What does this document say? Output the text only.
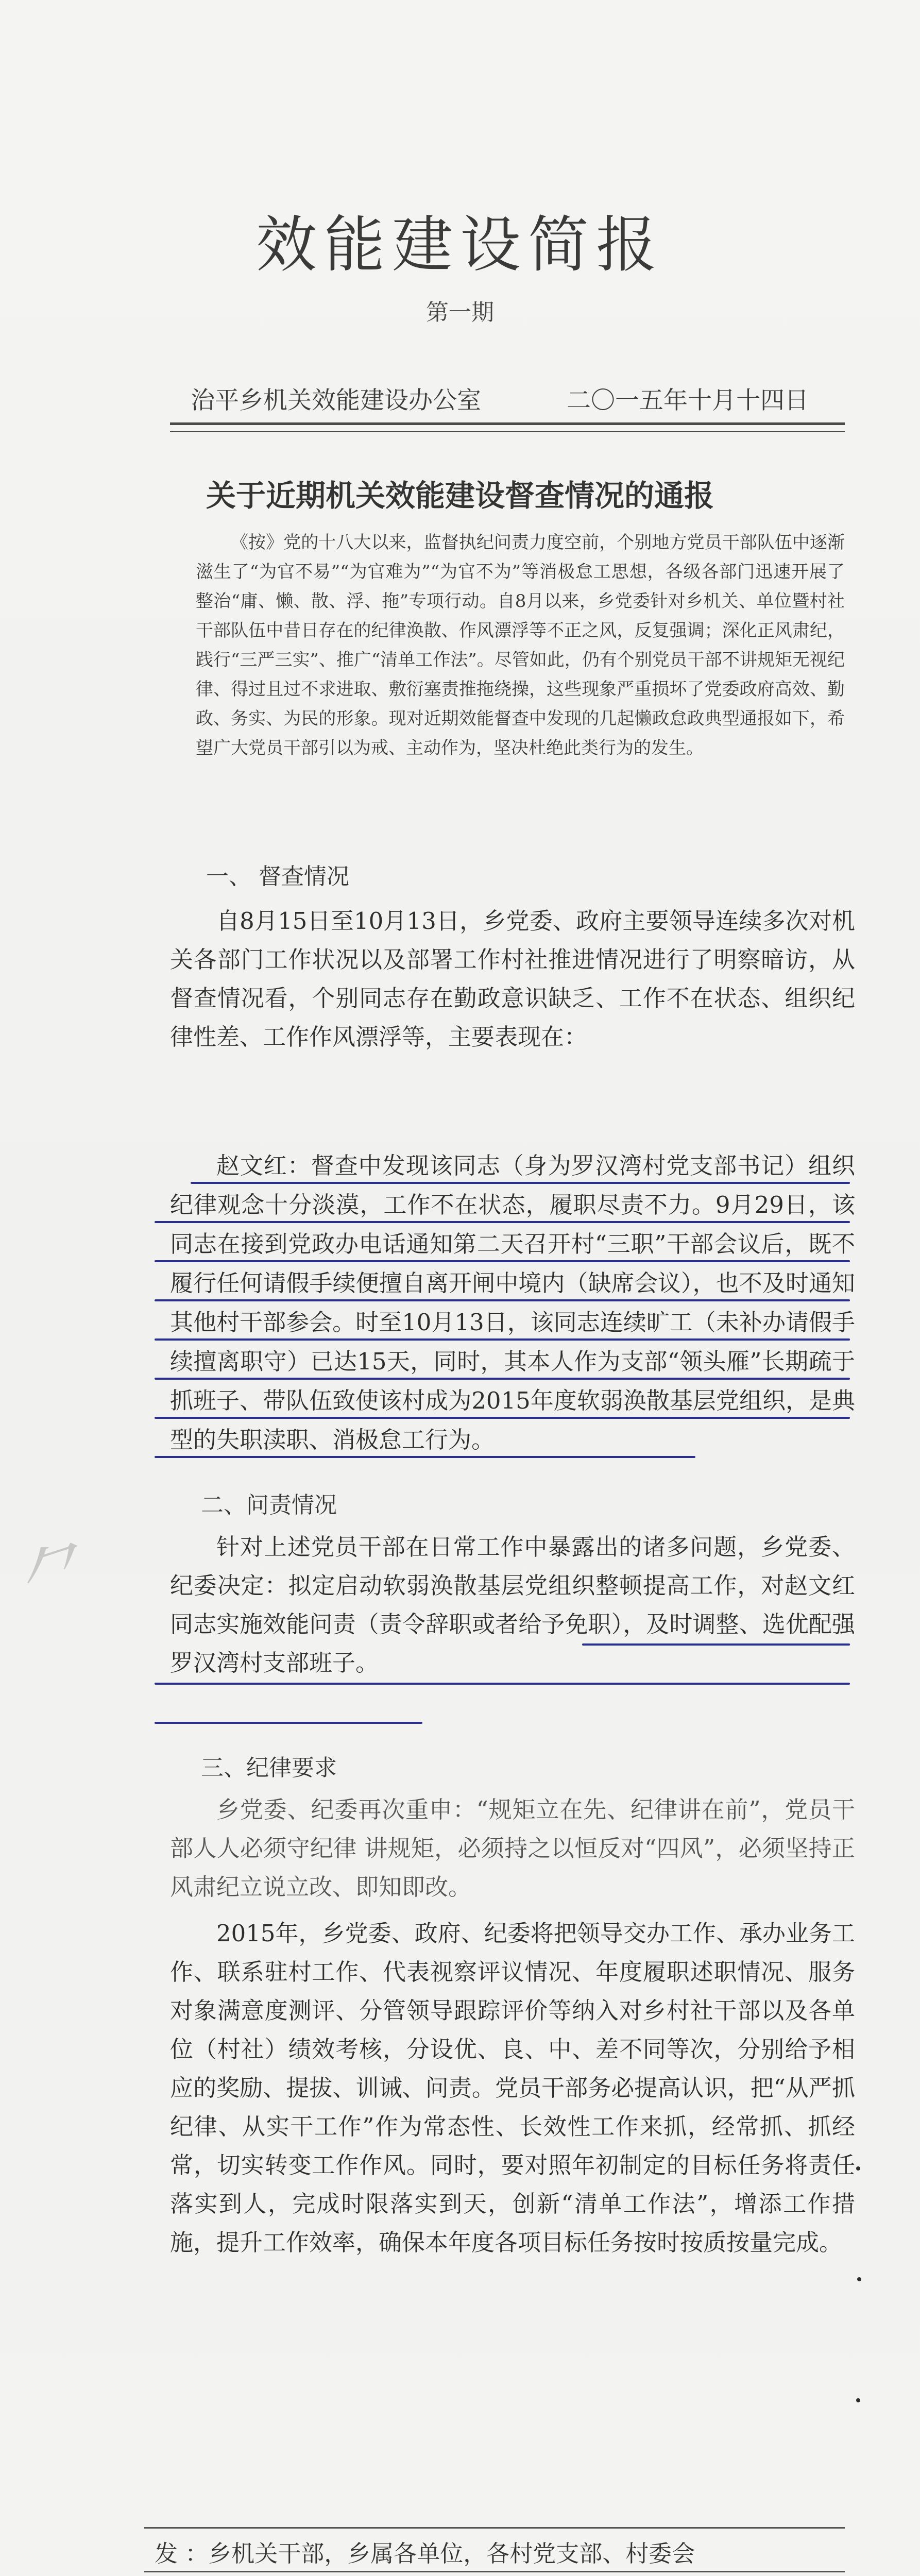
效能建设简报
第一期
治平乡机关效能建设办公室	二〇一五年十月十四日
关于近期机关效能建设督查情况的通报

《按》党的十八大以来，监督执纪问责力度空前，个别地方党员干部队伍中逐渐滋生了“为官不易”“为官难为”“为官不为”等消极怠工思想，各级各部门迅速开展了整治“庸、懒、散、浮、拖”专项行动。自8月以来，乡党委针对乡机关、单位暨村社干部队伍中昔日存在的纪律涣散、作风漂浮等不正之风，反复强调；深化正风肃纪，践行“三严三实”、推广“清单工作法”。尽管如此，仍有个别党员干部不讲规矩无视纪律、得过且过不求进取、敷衍塞责推拖绕操，这些现象严重损坏了党委政府高效、勤政、务实、为民的形象。现对近期效能督查中发现的几起懒政怠政典型通报如下，希望广大党员干部引以为戒、主动作为，坚决杜绝此类行为的发生。

一、 督查情况

自8月15日至10月13日，乡党委、政府主要领导连续多次对机关各部门工作状况以及部署工作村社推进情况进行了明察暗访，从督查情况看，个别同志存在勤政意识缺乏、工作不在状态、组织纪律性差、工作作风漂浮等，主要表现在：

赵文红：督查中发现该同志（身为罗汉湾村党支部书记）组织纪律观念十分淡漠，工作不在状态，履职尽责不力。9月29日，该同志在接到党政办电话通知第二天召开村“三职”干部会议后，既不履行任何请假手续便擅自离开闸中境内（缺席会议），也不及时通知其他村干部参会。时至10月13日，该同志连续旷工（未补办请假手续擅离职守）已达15天，同时，其本人作为支部“领头雁”长期疏于抓班子、带队伍致使该村成为2015年度软弱涣散基层党组织，是典型的失职渎职、消极怠工行为。

二、问责情况

针对上述党员干部在日常工作中暴露出的诸多问题，乡党委、纪委决定：拟定启动软弱涣散基层党组织整顿提高工作，对赵文红同志实施效能问责（责令辞职或者给予免职），及时调整、选优配强罗汉湾村支部班子。

⺈
三、纪律要求

乡党委、纪委再次重申：“规矩立在先、纪律讲在前”，党员干部人人必须守纪律 讲规矩，必须持之以恒反对“四风”，必须坚持正风肃纪立说立改、即知即改。

2015年，乡党委、政府、纪委将把领导交办工作、承办业务工作、联系驻村工作、代表视察评议情况、年度履职述职情况、服务对象满意度测评、分管领导跟踪评价等纳入对乡村社干部以及各单位（村社）绩效考核，分设优、良、中、差不同等次，分别给予相应的奖励、提拔、训诫、问责。党员干部务必提高认识，把“从严抓纪律、从实干工作”作为常态性、长效性工作来抓，经常抓、抓经常，切实转变工作作风。同时，要对照年初制定的目标任务将责任落实到人，完成时限落实到天，创新“清单工作法”，增添工作措施，提升工作效率，确保本年度各项目标任务按时按质按量完成。

发 ：乡机关干部，乡属各单位，各村党支部、村委会
